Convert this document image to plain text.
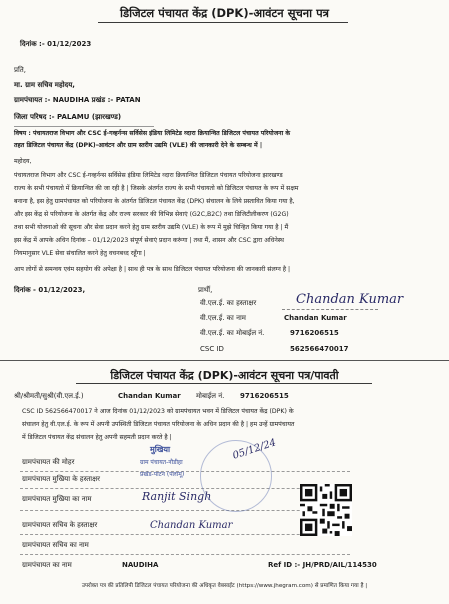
डिजिटल पंचायत केंद्र (DPK)-आवंटन सूचना पत्र
दिनांक :- 01/12/2023
प्रति,
मा. ग्राम सचिव महोदय,
ग्रामपंचायत :- NAUDIHA प्रखंड :- PATAN
जिला परिषद :- PALAMU (झारखण्ड)
विषय : पंचायतराज विभाग और CSC ई-गव्हर्नन्स सर्विसेस इंडिया लिमिटेड व्दारा क्रियान्वित डिजिटल पंचायत परियोजना के
तहत डिजिटल पंचायत केंद्र (DPK)-आवंटन और ग्राम स्तरीय उद्यमि (VLE) की जानकारी देने के सम्बन्ध में |
महोदय,
पंचायतराज विभाग और CSC ई-गव्हर्नन्स सर्विसेस इंडिया लिमिटेड व्दारा क्रियान्वित डिजिटल पंचायत परियोजना झारखण्ड
राज्य के सभी पंचायतो में क्रियान्वित की जा रही है | जिसके अंतर्गत राज्य के सभी पंचायतो को डिजिटल पंचायत के रूप में सक्षम
बनाना है, इस हेतु ग्रामपंचायत को परियोजना के अंतर्गत डिजिटल पंचायत केंद्र (DPK) संचालन के लिये प्रस्तावित किया गया है,
और इस केंद्र से परियोजना के अंतर्गत केंद्र और राज्य सरकार की विभिन्न सेवाएं (G2C,B2C) तथा डिजिटीलीकरण (G2G)
तथा सभी योजनाओ की सूचना और सेवा प्रदान करने हेतु ग्राम स्तरीय उद्यमि (VLE) के रूप में मुझे चिन्हित किया गया है | मैं
इस केंद्र में आपके अधिन दिनांक – 01/12/2023 संपूर्ण सेवाएं प्रदान करूंगा | तथा मैं, शासन और CSC द्वारा अधिनेस्थ
नियमानुसार VLE सेवा संचालित करने हेतु वचनबध्द रहूँगा |
आप लोगों से समन्वय एवंम सहयोग की अपेक्षा है | साथ ही पत्र के साथ डिजिटल पंचायत परियोजना की जानकारी संलग्न है |
दिनांक - 01/12/2023,	प्रार्थी,
वी.एल.ई. का हस्ताक्षर	Chandan Kumar
वी.एल.ई. का नाम	Chandan Kumar
वी.एल.ई. का मोबाईल नं.	9716206515
CSC ID	562566470017
डिजिटल पंचायत केंद्र (DPK)-आवंटन सूचना पत्र/पावती
श्री/श्रीमती/सुश्री(वी.एल.ई.)	Chandan Kumar मोबाईल नं. 9716206515
CSC ID 562566470017 ने आज दिनांक 01/12/2023 को ग्रामपंचायत भवन में डिजिटल पंचायत केंद्र (DPK) के
संचालन हेतु वी.एल.ई. के रूप में अपनी उपस्थिती डिजिटल पंचायत परियोजना के अधिन प्रदान की है | हम उन्हें ग्रामपंचायत
में डिजिटल पंचायत केंद्र संचालन हेतु अपनी सहमती प्रदान करते है |
ग्रामपंचायत की मोहर
ग्रामपंचायत मुखिया के हस्ताक्षर
ग्रामपंचायत मुखिया का नाम	Ranjit Singh
ग्रामपंचायत सचिव के हस्ताक्षर
ग्रामपंचायत सचिव का नाम
ग्रामपंचायत का नाम	NAUDIHA
मुखिया
ग्राम पंचायत-नौडीहा
प्रखंड-पाटन (पलामू)
05/12/24
Chandan Kumar
Ref ID :- JH/PRD/AIL/114530
उपरोक्त पत्र की प्रतिलिपी डिजिटल पंचायत परियोजना की अधिकृत वेबसाईट (https://www.jhegram.com) से प्रमाणित किया गया है |
